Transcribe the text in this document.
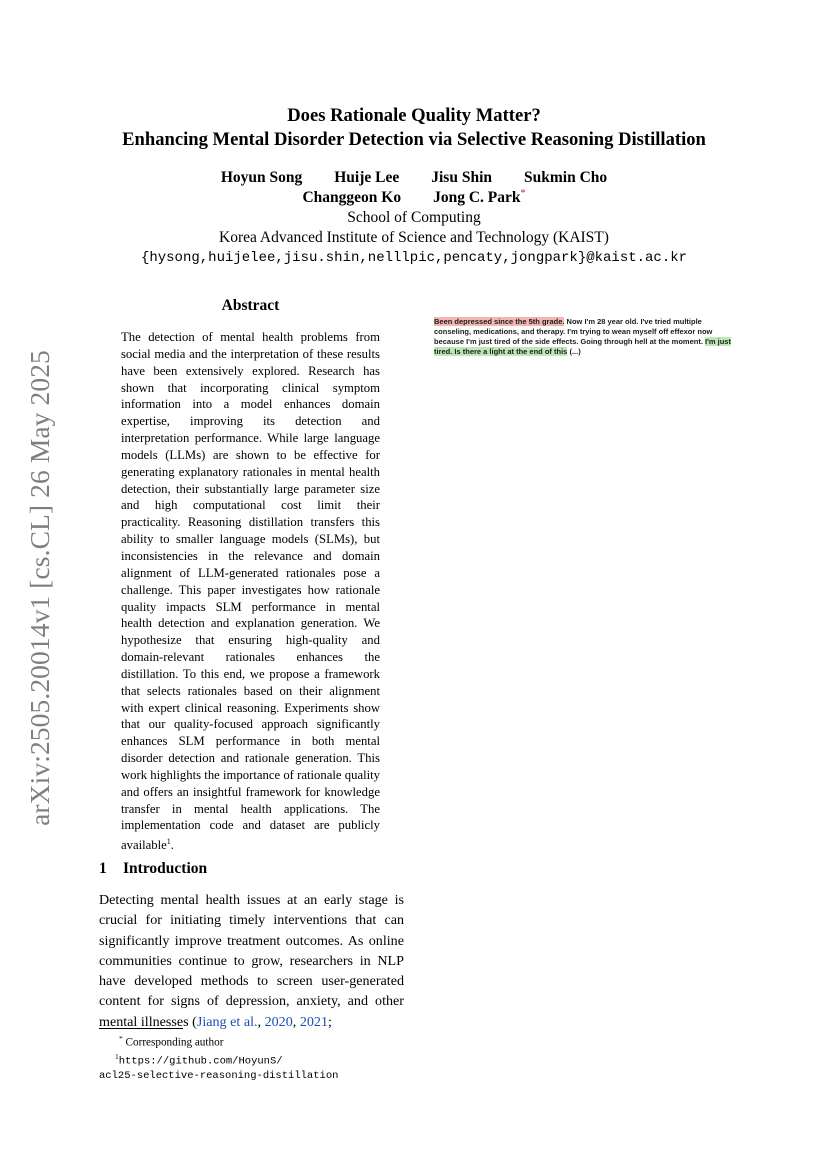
arXiv:2505.20014v1 [cs.CL] 26 May 2025
Does Rationale Quality Matter?
Enhancing Mental Disorder Detection via Selective Reasoning Distillation
Hoyun Song Huije Lee Jisu Shin Sukmin Cho
Changgeon Ko Jong C. Park*
School of Computing
Korea Advanced Institute of Science and Technology (KAIST)
{hysong,huijelee,jisu.shin,nelllpic,pencaty,jongpark}@kaist.ac.kr
Abstract
The detection of mental health problems from social media and the interpretation of these results have been extensively explored. Research has shown that incorporating clinical symptom information into a model enhances domain expertise, improving its detection and interpretation performance. While large language models (LLMs) are shown to be effective for generating explanatory rationales in mental health detection, their substantially large parameter size and high computational cost limit their practicality. Reasoning distillation transfers this ability to smaller language models (SLMs), but inconsistencies in the relevance and domain alignment of LLM-generated rationales pose a challenge. This paper investigates how rationale quality impacts SLM performance in mental health detection and explanation generation. We hypothesize that ensuring high-quality and domain-relevant rationales enhances the distillation. To this end, we propose a framework that selects rationales based on their alignment with expert clinical reasoning. Experiments show that our quality-focused approach significantly enhances SLM performance in both mental disorder detection and rationale generation. This work highlights the importance of rationale quality and offers an insightful framework for knowledge transfer in mental health applications. The implementation code and dataset are publicly available$^1$.
1 Introduction
Detecting mental health issues at an early stage is crucial for initiating timely interventions that can significantly improve treatment outcomes. As online communities continue to grow, researchers in NLP have developed methods to screen user-generated content for signs of depression, anxiety, and other mental illnesses (Jiang et al., 2020, 2021;
* Corresponding author
$^1$https://github.com/HoyunS/
acl25-selective-reasoning-distillation
Been depressed since the 5th grade. Now I'm 28 year old. I've tried multiple conseling, medications, and therapy. I'm trying to wean myself off effexor now because I'm just tired of the side effects. Going through hell at the moment. I'm just tired. Is there a light at the end of this (...)
